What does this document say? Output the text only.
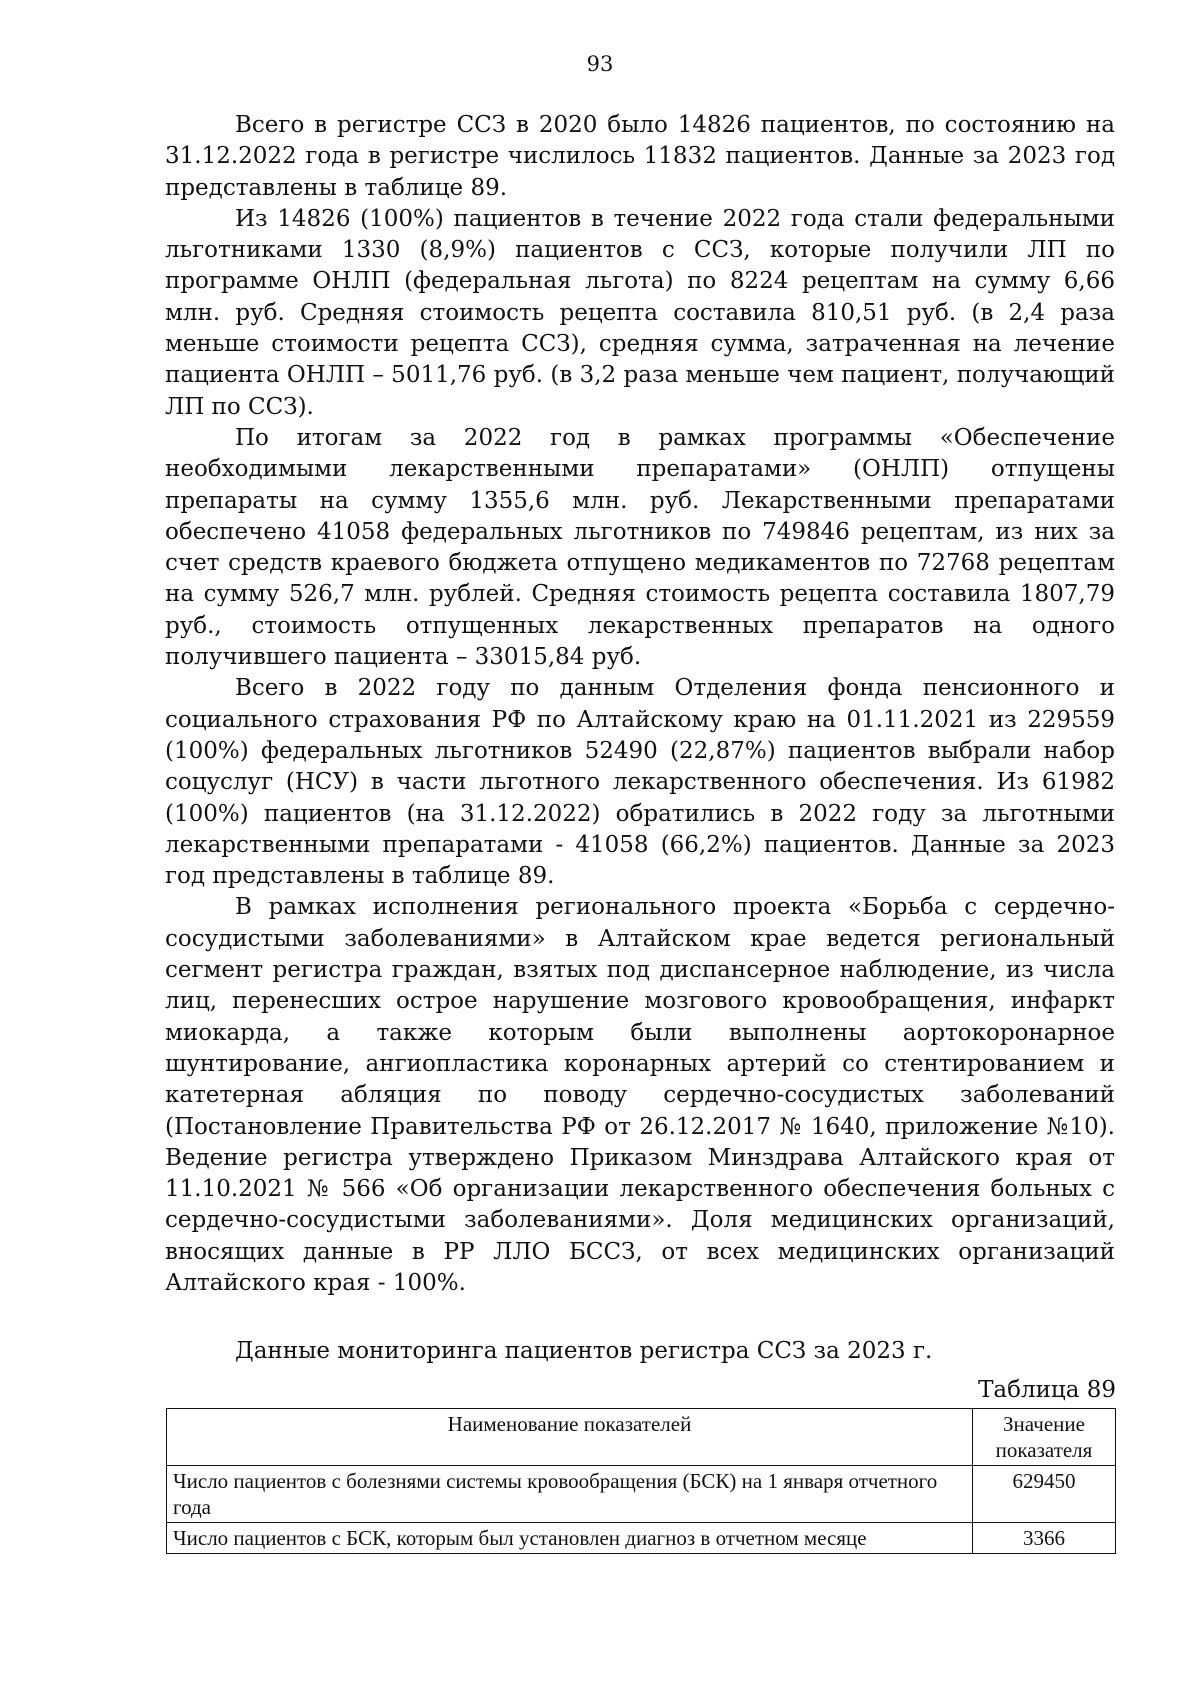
93

Всего в регистре ССЗ в 2020 было 14826 пациентов, по состоянию на 31.12.2022 года в регистре числилось 11832 пациентов. Данные за 2023 год представлены в таблице 89.

Из 14826 (100%) пациентов в течение 2022 года стали федеральными льготниками 1330 (8,9%) пациентов с ССЗ, которые получили ЛП по программе ОНЛП (федеральная льгота) по 8224 рецептам на сумму 6,66 млн. руб. Средняя стоимость рецепта составила 810,51 руб. (в 2,4 раза меньше стоимости рецепта ССЗ), средняя сумма, затраченная на лечение пациента ОНЛП – 5011,76 руб. (в 3,2 раза меньше чем пациент, получающий ЛП по ССЗ).

По итогам за 2022 год в рамках программы «Обеспечение необходимыми лекарственными препаратами» (ОНЛП) отпущены препараты на сумму 1355,6 млн. руб. Лекарственными препаратами обеспечено 41058 федеральных льготников по 749846 рецептам, из них за счет средств краевого бюджета отпущено медикаментов по 72768 рецептам на сумму 526,7 млн. рублей. Средняя стоимость рецепта составила 1807,79 руб., стоимость отпущенных лекарственных препаратов на одного получившего пациента – 33015,84 руб.

Всего в 2022 году по данным Отделения фонда пенсионного и социального страхования РФ по Алтайскому краю на 01.11.2021 из 229559 (100%) федеральных льготников 52490 (22,87%) пациентов выбрали набор соцуслуг (НСУ) в части льготного лекарственного обеспечения. Из 61982 (100%) пациентов (на 31.12.2022) обратились в 2022 году за льготными лекарственными препаратами - 41058 (66,2%) пациентов. Данные за 2023 год представлены в таблице 89.

В рамках исполнения регионального проекта «Борьба с сердечно-сосудистыми заболеваниями» в Алтайском крае ведется региональный сегмент регистра граждан, взятых под диспансерное наблюдение, из числа лиц, перенесших острое нарушение мозгового кровообращения, инфаркт миокарда, а также которым были выполнены аортокоронарное шунтирование, ангиопластика коронарных артерий со стентированием и катетерная абляция по поводу сердечно-сосудистых заболеваний (Постановление Правительства РФ от 26.12.2017 № 1640, приложение №10). Ведение регистра утверждено Приказом Минздрава Алтайского края от 11.10.2021 № 566 «Об организации лекарственного обеспечения больных с сердечно-сосудистыми заболеваниями». Доля медицинских организаций, вносящих данные в РР ЛЛО БССЗ, от всех медицинских организаций Алтайского края - 100%.

Данные мониторинга пациентов регистра ССЗ за 2023 г.

Таблица 89

Наименование показателей	Значение показателя
Число пациентов с болезнями системы кровообращения (БСК) на 1 января отчетного года	629450
Число пациентов с БСК, которым был установлен диагноз в отчетном месяце	3366
